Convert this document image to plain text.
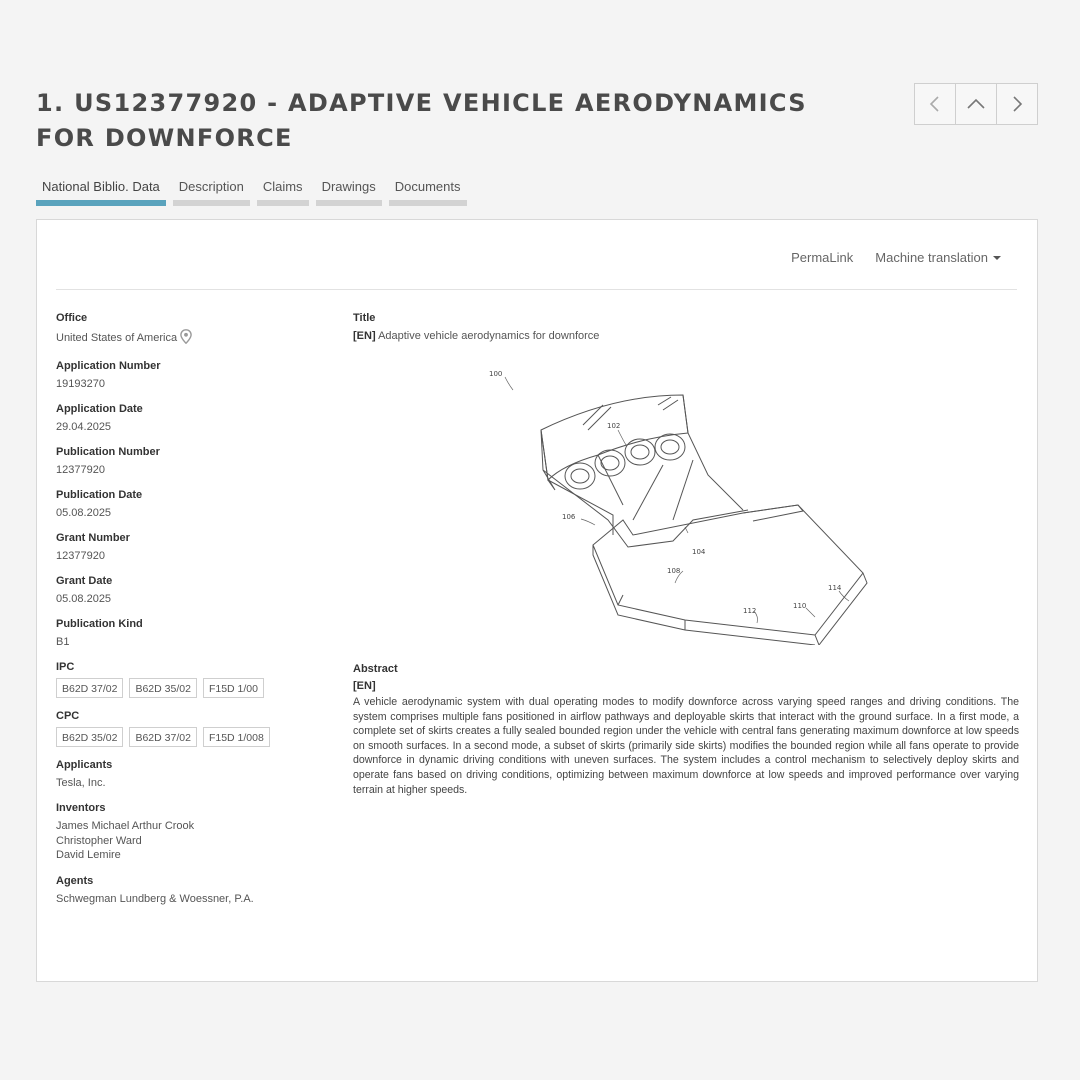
1. US12377920 - ADAPTIVE VEHICLE AERODYNAMICS FOR DOWNFORCE
National Biblio. Data	Description	Claims	Drawings	Documents
PermaLink Machine translation
Office
United States of America
Application Number
19193270
Application Date
29.04.2025
Publication Number
12377920
Publication Date
05.08.2025
Grant Number
12377920
Grant Date
05.08.2025
Publication Kind
B1
IPC
B62D 37/02	B62D 35/02	F15D 1/00
CPC
B62D 35/02	B62D 37/02	F15D 1/008
Applicants
Tesla, Inc.
Inventors
James Michael Arthur Crook
Christopher Ward
David Lemire
Agents
Schwegman Lundberg & Woessner, P.A.
Title
[EN] Adaptive vehicle aerodynamics for downforce
100
102
104
106
108
110
112
114
Abstract
[EN]
A vehicle aerodynamic system with dual operating modes to modify downforce across varying speed ranges and driving conditions. The system comprises multiple fans positioned in airflow pathways and deployable skirts that interact with the ground surface. In a first mode, a complete set of skirts creates a fully sealed bounded region under the vehicle with central fans generating maximum downforce at low speeds on smooth surfaces. In a second mode, a subset of skirts (primarily side skirts) modifies the bounded region while all fans operate to provide downforce in dynamic driving conditions with uneven surfaces. The system includes a control mechanism to selectively deploy skirts and operate fans based on driving conditions, optimizing between maximum downforce at low speeds and improved performance over varying terrain at higher speeds.
